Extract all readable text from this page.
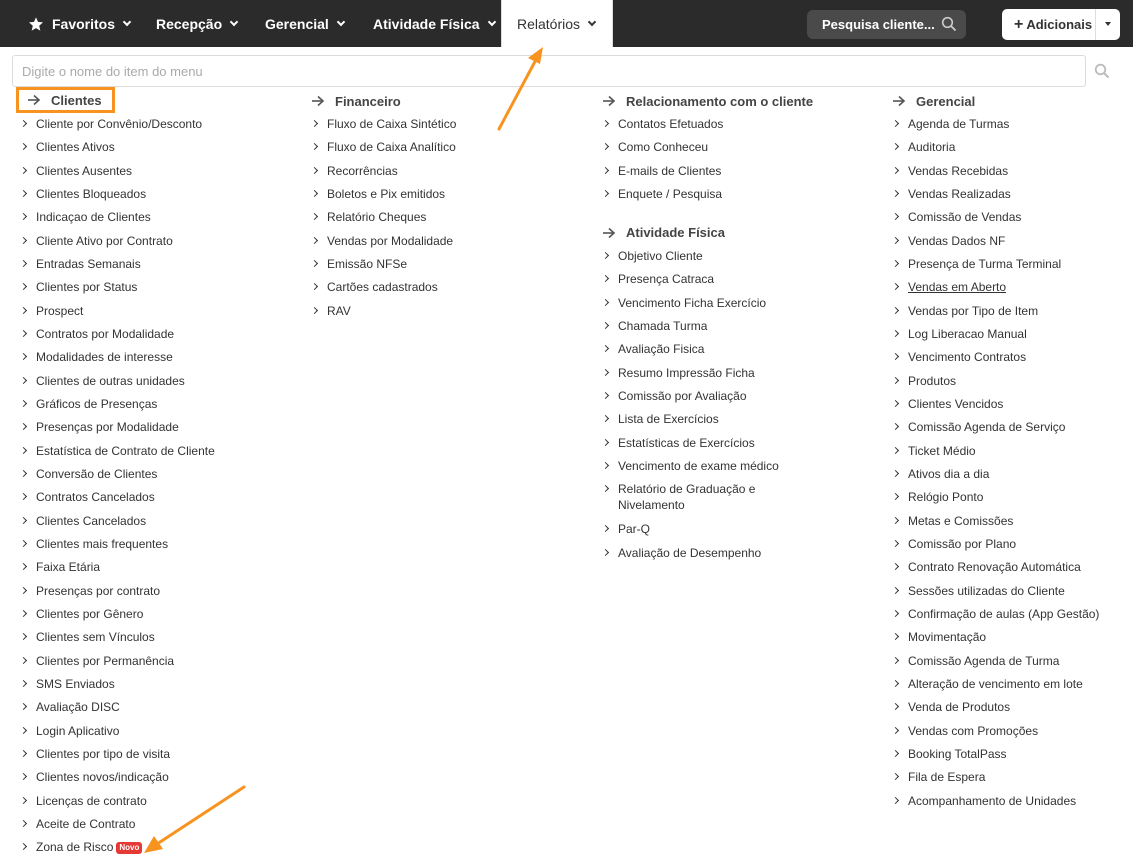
Favoritos	Recepção	Gerencial	Atividade Física	Relatórios	Pesquisa cliente...	+ Adicionais
Digite o nome do item do menu
Clientes
Cliente por Convênio/Desconto
Clientes Ativos
Clientes Ausentes
Clientes Bloqueados
Indicaçao de Clientes
Cliente Ativo por Contrato
Entradas Semanais
Clientes por Status
Prospect
Contratos por Modalidade
Modalidades de interesse
Clientes de outras unidades
Gráficos de Presenças
Presenças por Modalidade
Estatística de Contrato de Cliente
Conversão de Clientes
Contratos Cancelados
Clientes Cancelados
Clientes mais frequentes
Faixa Etária
Presenças por contrato
Clientes por Gênero
Clientes sem Vínculos
Clientes por Permanência
SMS Enviados
Avaliação DISC
Login Aplicativo
Clientes por tipo de visita
Clientes novos/indicação
Licenças de contrato
Aceite de Contrato
Zona de Risco Novo
Financeiro
Fluxo de Caixa Sintético
Fluxo de Caixa Analítico
Recorrências
Boletos e Pix emitidos
Relatório Cheques
Vendas por Modalidade
Emissão NFSe
Cartões cadastrados
RAV
Relacionamento com o cliente
Contatos Efetuados
Como Conheceu
E-mails de Clientes
Enquete / Pesquisa
Atividade Física
Objetivo Cliente
Presença Catraca
Vencimento Ficha Exercício
Chamada Turma
Avaliação Fisica
Resumo Impressão Ficha
Comissão por Avaliação
Lista de Exercícios
Estatísticas de Exercícios
Vencimento de exame médico
Relatório de Graduação e Nivelamento
Par-Q
Avaliação de Desempenho
Gerencial
Agenda de Turmas
Auditoria
Vendas Recebidas
Vendas Realizadas
Comissão de Vendas
Vendas Dados NF
Presença de Turma Terminal
Vendas em Aberto
Vendas por Tipo de Item
Log Liberacao Manual
Vencimento Contratos
Produtos
Clientes Vencidos
Comissão Agenda de Serviço
Ticket Médio
Ativos dia a dia
Relógio Ponto
Metas e Comissões
Comissão por Plano
Contrato Renovação Automática
Sessões utilizadas do Cliente
Confirmação de aulas (App Gestão)
Movimentação
Comissão Agenda de Turma
Alteração de vencimento em lote
Venda de Produtos
Vendas com Promoções
Booking TotalPass
Fila de Espera
Acompanhamento de Unidades
